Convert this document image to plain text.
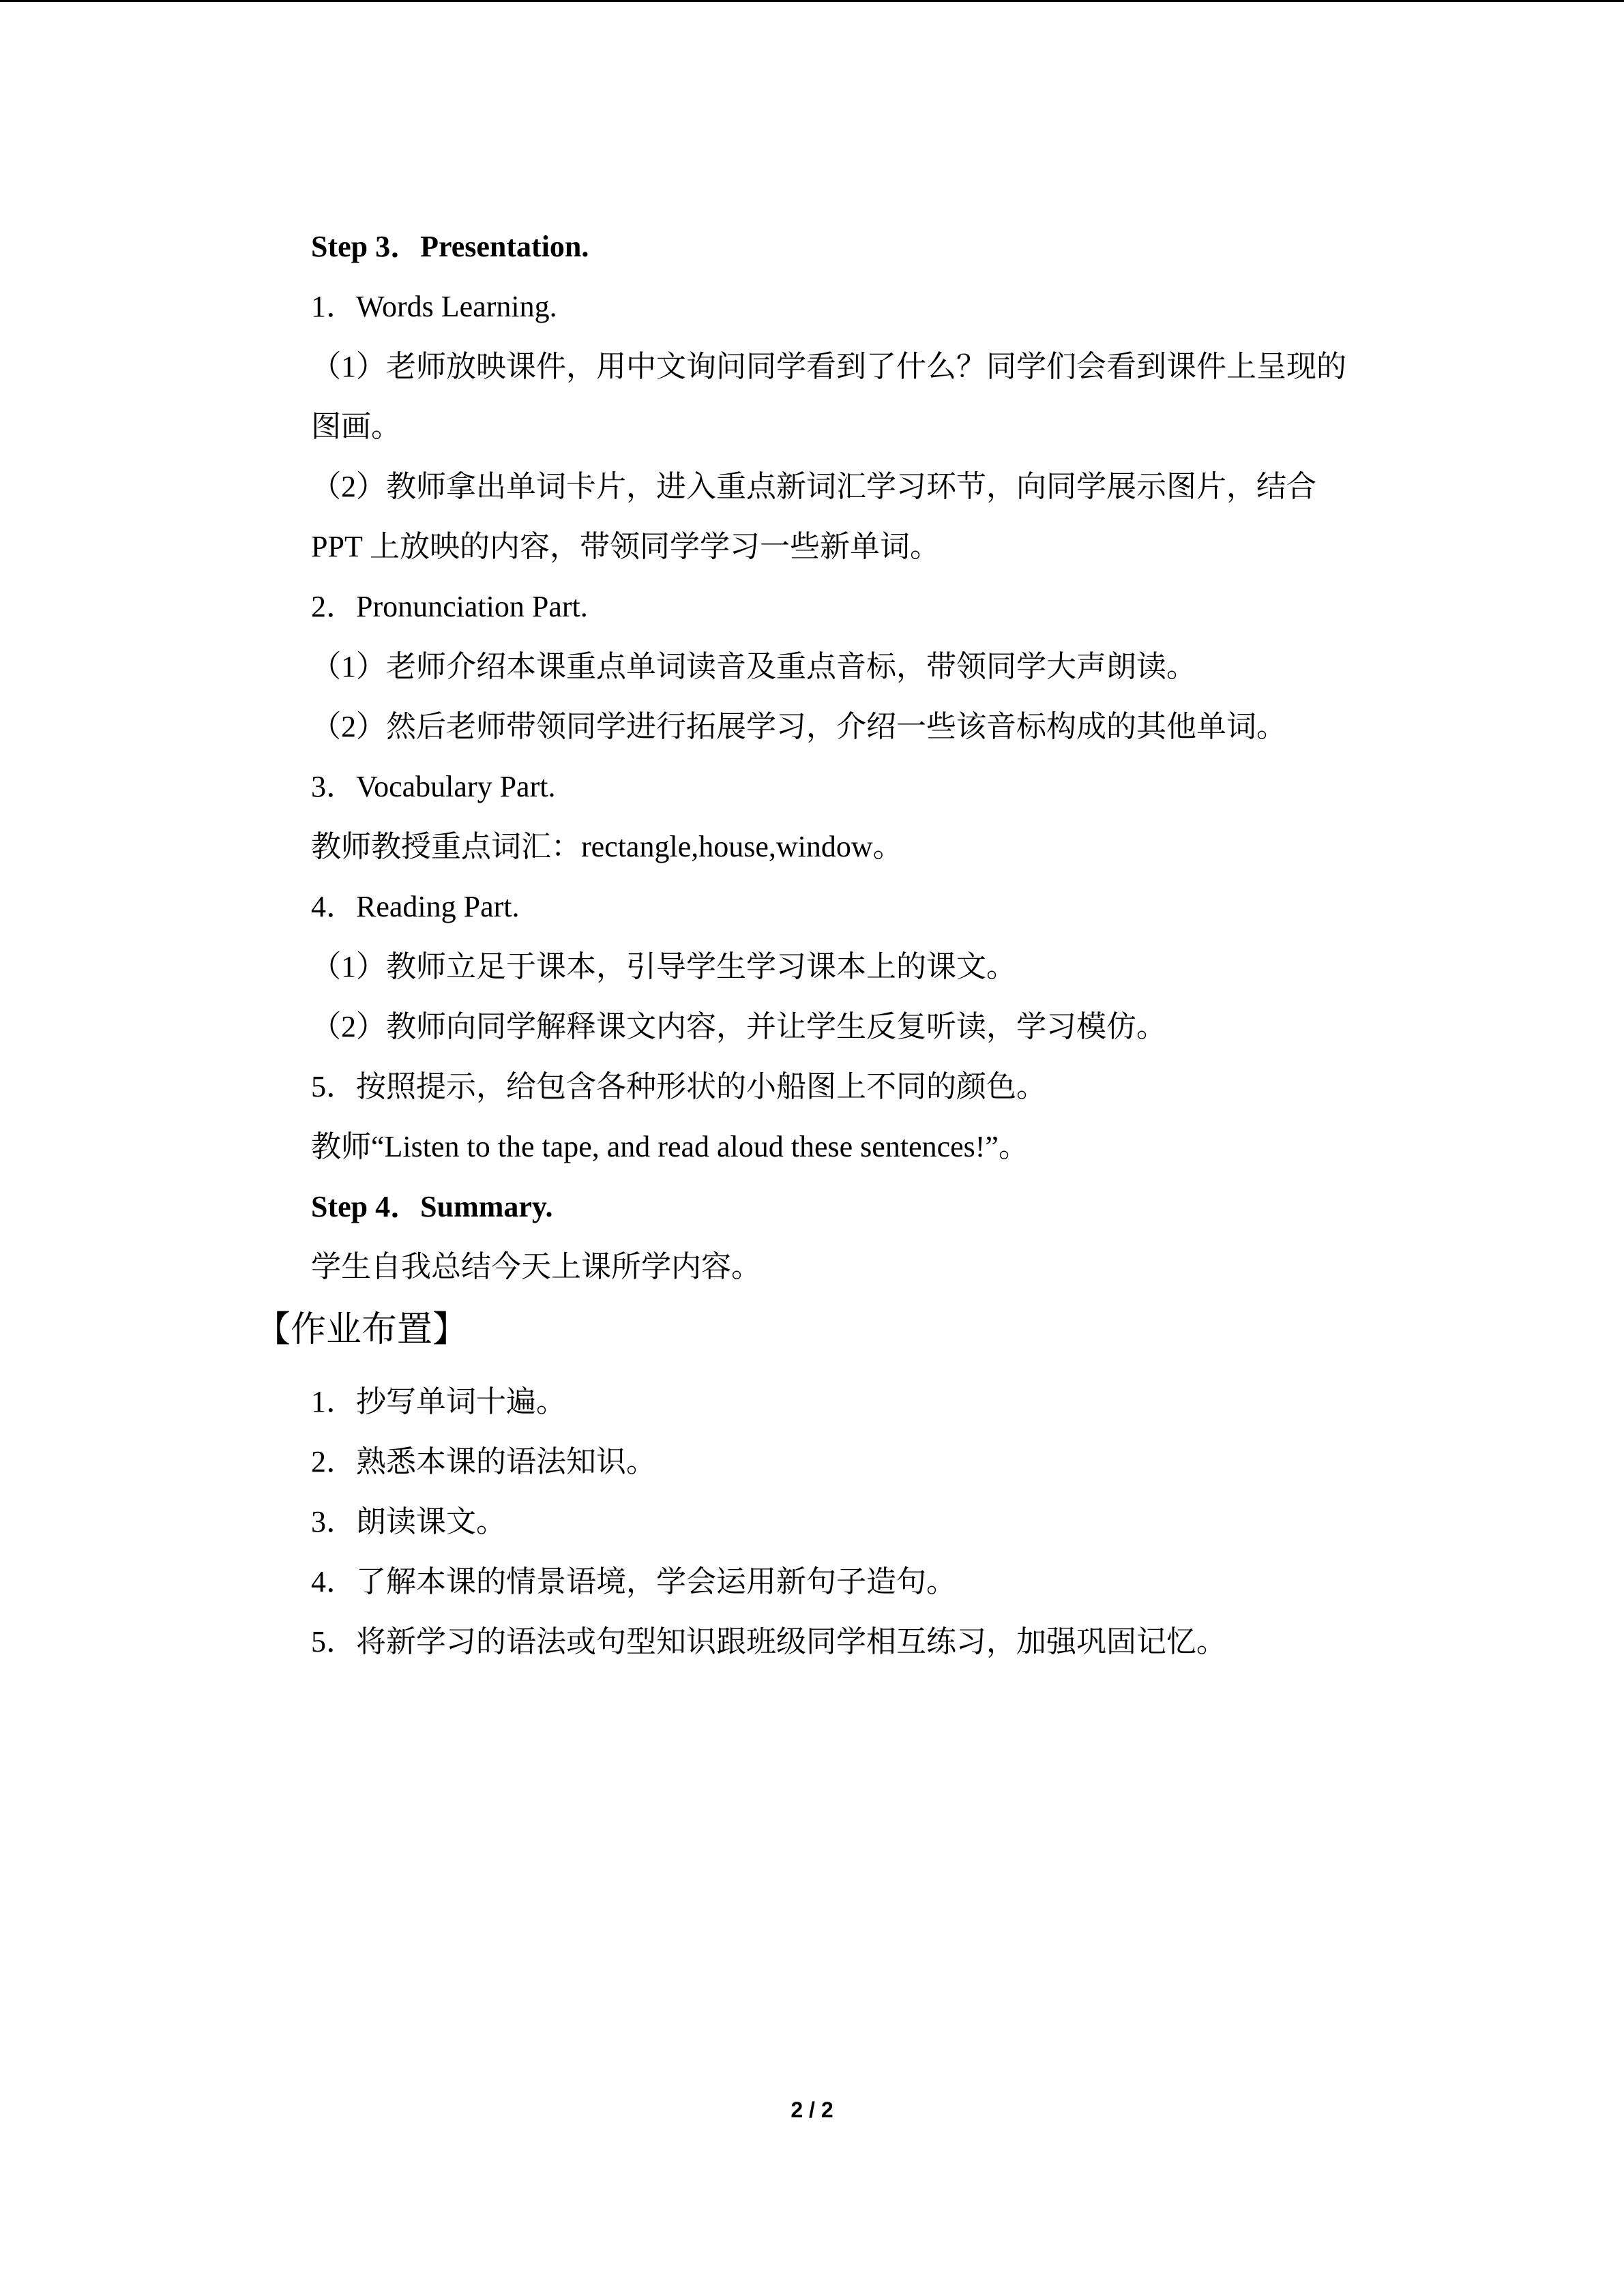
Step 3．Presentation.
1．Words Learning.
（1）老师放映课件，用中文询问同学看到了什么？同学们会看到课件上呈现的图画。
（2）教师拿出单词卡片，进入重点新词汇学习环节，向同学展示图片，结合 PPT 上放映的内容，带领同学学习一些新单词。
2．Pronunciation Part.
（1）老师介绍本课重点单词读音及重点音标，带领同学大声朗读。
（2）然后老师带领同学进行拓展学习，介绍一些该音标构成的其他单词。
3．Vocabulary Part.
教师教授重点词汇：rectangle,house,window。
4．Reading Part.
（1）教师立足于课本，引导学生学习课本上的课文。
（2）教师向同学解释课文内容，并让学生反复听读，学习模仿。
5．按照提示，给包含各种形状的小船图上不同的颜色。
教师“Listen to the tape, and read aloud these sentences!”。
Step 4．Summary.
学生自我总结今天上课所学内容。
【作业布置】
1．抄写单词十遍。
2．熟悉本课的语法知识。
3．朗读课文。
4．了解本课的情景语境，学会运用新句子造句。
5．将新学习的语法或句型知识跟班级同学相互练习，加强巩固记忆。
2 / 2
